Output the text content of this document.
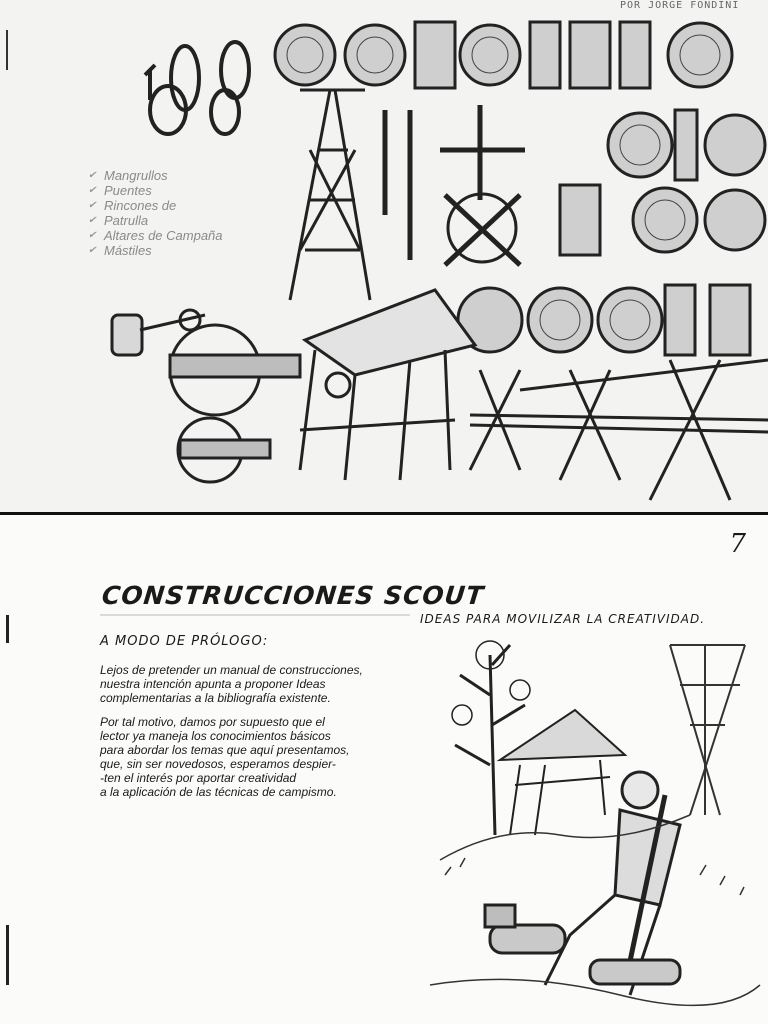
POR JORGE FONDINI
✔ Mangrullos
✔ Puentes
✔ Rincones de
✔ Patrulla
✔ Altares de Campaña
✔ Mástiles
7
CONSTRUCCIONES SCOUT
IDEAS PARA MOVILIZAR LA CREATIVIDAD.
A MODO DE PRÓLOGO:

Lejos de pretender un manual de construcciones,
nuestra intención apunta a proponer Ideas
complementarias a la bibliografía existente.

Por tal motivo, damos por supuesto que el
lector ya maneja los conocimientos básicos
para abordar los temas que aquí presentamos,
que, sin ser novedosos, esperamos despier-
-ten el interés por aportar creatividad
a la aplicación de las técnicas de campismo.
